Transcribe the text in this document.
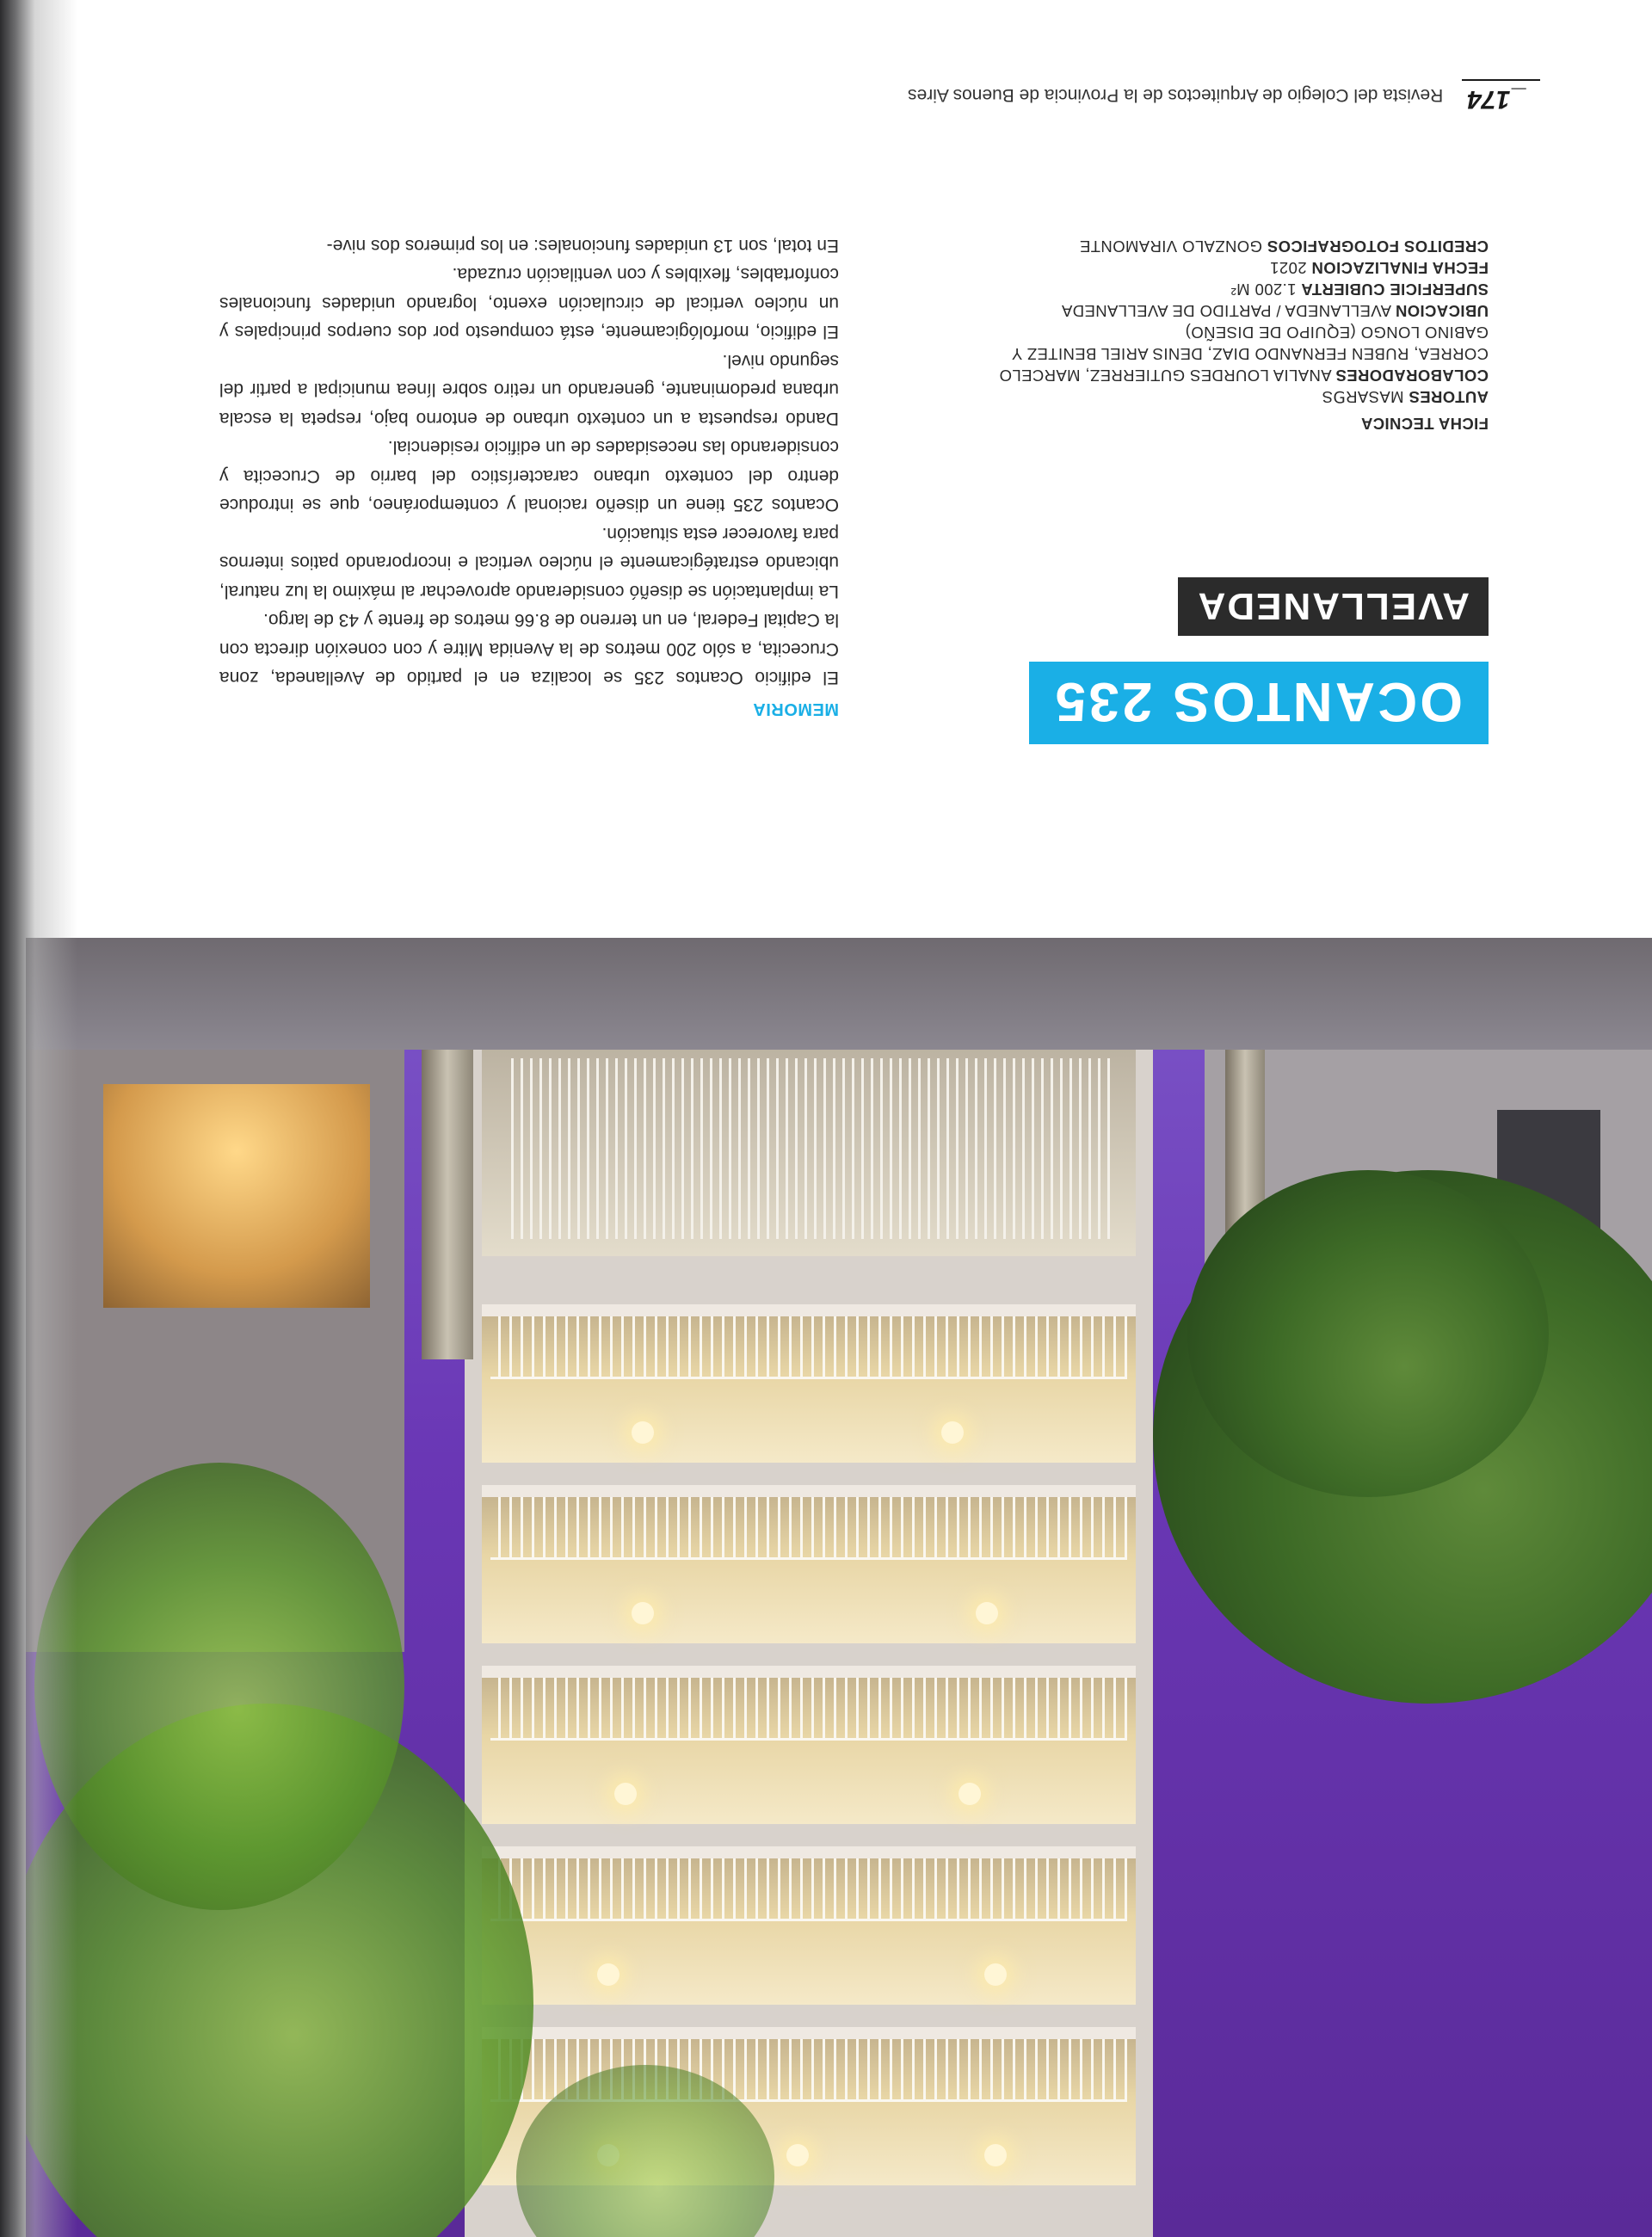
OCANTOS 235
AVELLANEDA
MEMORIA

El edificio Ocantos 235 se localiza en el partido de Avellaneda, zona Crucecita, a sólo 200 metros de la Avenida Mitre y con conexión directa con la Capital Federal, en un terreno de 8.66 metros de frente y 43 de largo.

La implantación se diseñó considerando aprovechar al máximo la luz natural, ubicando estratégicamente el núcleo vertical e incorporando patios internos para favorecer esta situación.

Ocantos 235 tiene un diseño racional y contemporáneo, que se introduce dentro del contexto urbano característico del barrio de Crucecita y considerando las necesidades de un edificio residencial.

Dando respuesta a un contexto urbano de entorno bajo, respeta la escala urbana predominante, generando un retiro sobre línea municipal a partir del segundo nivel.

El edificio, morfológicamente, está compuesto por dos cuerpos principales y un núcleo vertical de circulación exento, logrando unidades funcionales confortables, flexibles y con ventilación cruzada.

En total, son 13 unidades funcionales: en los primeros dos nive-

FICHA TECNICA

AUTORES MASAR⅁S

COLABORADORES ANALIA LOURDES GUTIERREZ, MARCELO CORREA, RUBEN FERNANDO DIAZ, DENIS ARIEL BENITEZ Y GABINO LONGO (EQUIPO DE DISEÑO)

UBICACION AVELLANEDA / PARTIDO DE AVELLANEDA

SUPERFICIE CUBIERTA 1.200 M²

FECHA FINALIZACION 2021

CREDITOS FOTOGRAFICOS GONZALO VIRAMONTE

_174
Revista del Colegio de Arquitectos de la Provincia de Buenos Aires
